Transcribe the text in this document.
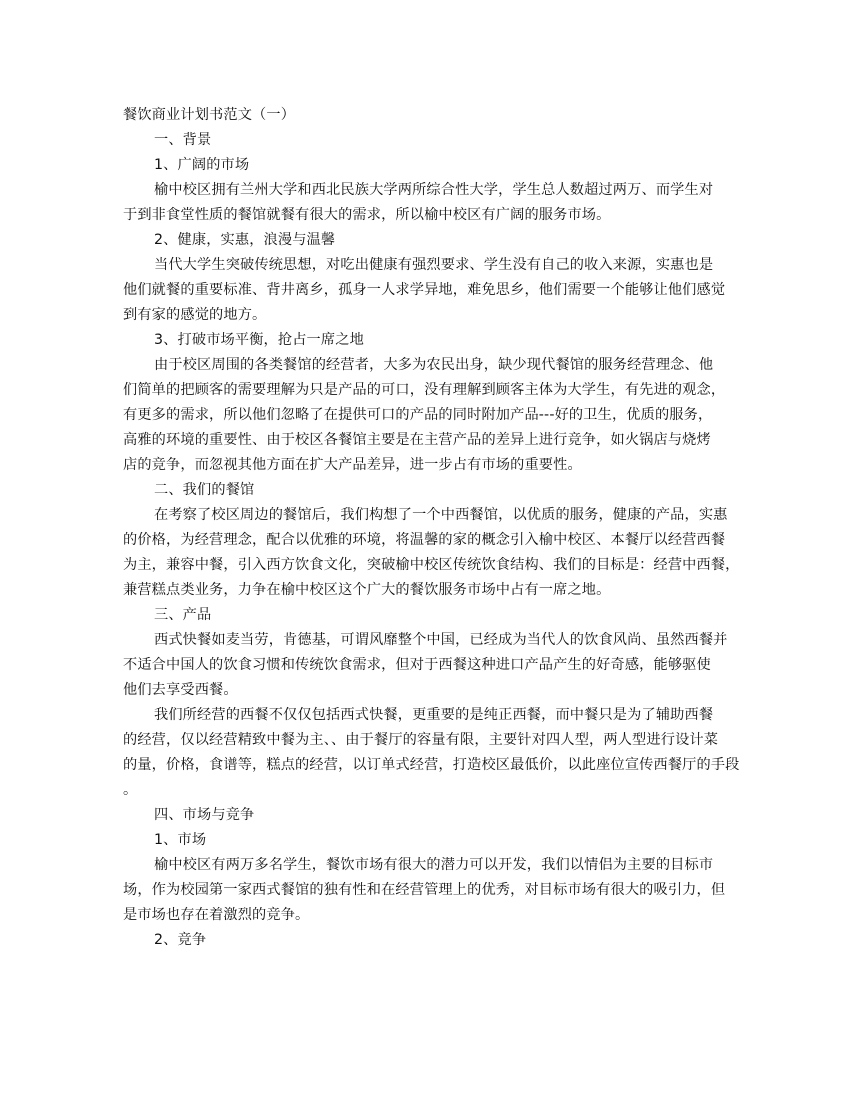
餐饮商业计划书范文（一）
一、背景
1、广阔的市场
榆中校区拥有兰州大学和西北民族大学两所综合性大学，学生总人数超过两万、而学生对
于到非食堂性质的餐馆就餐有很大的需求，所以榆中校区有广阔的服务市场。
2、健康，实惠，浪漫与温馨
当代大学生突破传统思想，对吃出健康有强烈要求、学生没有自己的收入来源，实惠也是
他们就餐的重要标准、背井离乡，孤身一人求学异地，难免思乡，他们需要一个能够让他们感觉
到有家的感觉的地方。
3、打破市场平衡，抢占一席之地
由于校区周围的各类餐馆的经营者，大多为农民出身，缺少现代餐馆的服务经营理念、他
们简单的把顾客的需要理解为只是产品的可口，没有理解到顾客主体为大学生，有先进的观念，
有更多的需求，所以他们忽略了在提供可口的产品的同时附加产品---好的卫生，优质的服务，
高雅的环境的重要性、由于校区各餐馆主要是在主营产品的差异上进行竞争，如火锅店与烧烤
店的竞争，而忽视其他方面在扩大产品差异，进一步占有市场的重要性。
二、我们的餐馆
在考察了校区周边的餐馆后，我们构想了一个中西餐馆，以优质的服务，健康的产品，实惠
的价格，为经营理念，配合以优雅的环境，将温馨的家的概念引入榆中校区、本餐厅以经营西餐
为主，兼容中餐，引入西方饮食文化，突破榆中校区传统饮食结构、我们的目标是：经营中西餐，
兼营糕点类业务，力争在榆中校区这个广大的餐饮服务市场中占有一席之地。
三、产品
西式快餐如麦当劳，肯德基，可谓风靡整个中国，已经成为当代人的饮食风尚、虽然西餐并
不适合中国人的饮食习惯和传统饮食需求，但对于西餐这种进口产品产生的好奇感，能够驱使
他们去享受西餐。
我们所经营的西餐不仅仅包括西式快餐，更重要的是纯正西餐，而中餐只是为了辅助西餐
的经营，仅以经营精致中餐为主、、由于餐厅的容量有限，主要针对四人型，两人型进行设计菜
的量，价格，食谱等，糕点的经营，以订单式经营，打造校区最低价，以此座位宣传西餐厅的手段
。
四、市场与竞争
1、市场
榆中校区有两万多名学生，餐饮市场有很大的潜力可以开发，我们以情侣为主要的目标市
场，作为校园第一家西式餐馆的独有性和在经营管理上的优秀，对目标市场有很大的吸引力，但
是市场也存在着激烈的竞争。
2、竞争
